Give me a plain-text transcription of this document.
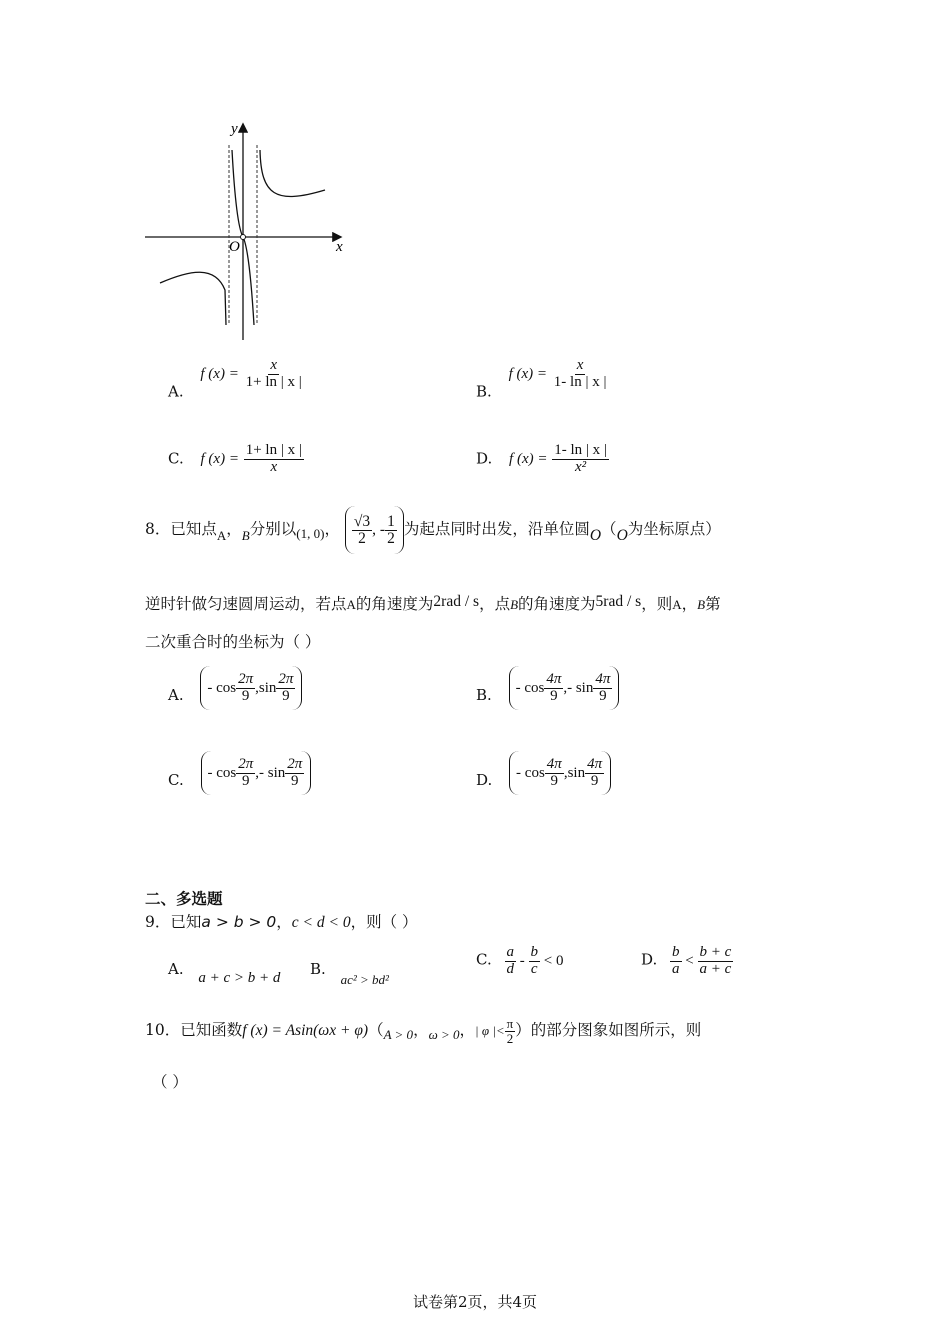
y
x
O
A. f $(x) = \frac{x}{1+ \ln | x |}$
B. f $(x) = \frac{x}{1- \ln | x |}$
C. f $(x) = \frac{1+ \ln | x |}{x}$	D. f $(x) = \frac{1- \ln | x |}{\text{x²}}$
8．已知点$_A$，$_B$分别以$_{(1, 0)}$， $\frac{√3}{2}$ , - $\frac{1}{2}$ 为起点同时出发，沿单位圆O（O为坐标原点）
逆时针做匀速圆周运动，若点A的角速度为2rad / s，点B的角速度为5rad / s，则A，B第
二次重合时的坐标为（ ）
A. - $\cos \frac{2\pi}{9} ,\sin \frac{2\pi}{9}$	B. - $\cos \frac{4\pi}{9}$ ,- $\sin \frac{4\pi}{9}$
C. - $\cos \frac{2\pi}{9}$ ,- $\sin \frac{2\pi}{9}$	D. - $\cos \frac{4\pi}{9} ,\sin \frac{4\pi}{9}$
二、多选题
9．已知a > b > 0，c < d < 0，则（ ）
A. a + c > b + d B. ac² > bd²
C. $\frac{a}{d} - \frac{b}{c} < 0$	D. $\frac{b}{a} < \frac{b + c}{a + c}$
10．已知函数f $(x) = Asin(\omega x + \varphi)(_{A > 0}$，$_{\omega > 0}$，| φ |< $\frac{\pi}{2}$ ）的部分图象如图所示，则
（ ）
试卷第2页，共4页
